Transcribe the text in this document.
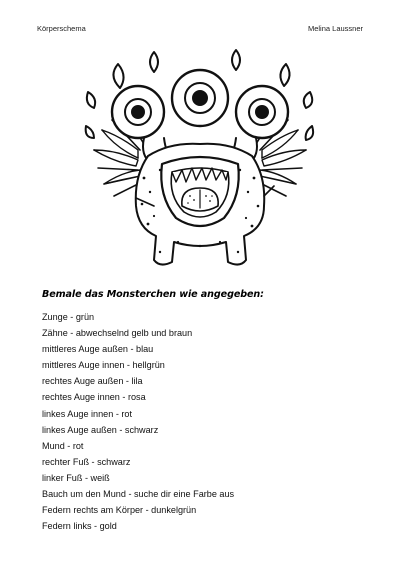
Körperschema	Melina Laussner
Bemale das Monsterchen wie angegeben:
Zunge - grün
Zähne - abwechselnd gelb und braun
mittleres Auge außen - blau
mittleres Auge innen - hellgrün
rechtes Auge außen - lila
rechtes Auge innen - rosa
linkes Auge innen - rot
linkes Auge außen - schwarz
Mund - rot
rechter Fuß - schwarz
linker Fuß - weiß
Bauch um den Mund - suche dir eine Farbe aus
Federn rechts am Körper - dunkelgrün
Federn links - gold
